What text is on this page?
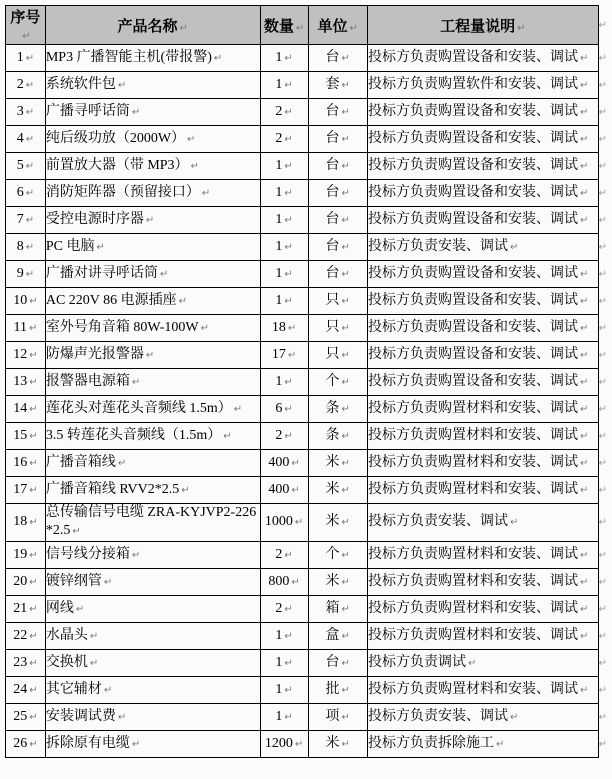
序号↵	产品名称 ↵	数量 ↵	单位 ↵	工程量说明 ↵	↵
1 ↵	MP3 广播智能主机(带报警) ↵	1 ↵	台 ↵	投标方负责购置设备和安装、调试 ↵	↵
2 ↵	系统软件包 ↵	1 ↵	套 ↵	投标方负责购置软件和安装、调试 ↵	↵
3 ↵	广播寻呼话筒 ↵	2 ↵	台 ↵	投标方负责购置设备和安装、调试 ↵	↵
4 ↵	纯后级功放（2000W） ↵	2 ↵	台 ↵	投标方负责购置设备和安装、调试 ↵	↵
5 ↵	前置放大器（带 MP3） ↵	1 ↵	台 ↵	投标方负责购置设备和安装、调试 ↵	↵
6 ↵	消防矩阵器（预留接口） ↵	1 ↵	台 ↵	投标方负责购置设备和安装、调试 ↵	↵
7 ↵	受控电源时序器 ↵	1 ↵	台 ↵	投标方负责购置设备和安装、调试 ↵	↵
8 ↵	PC 电脑 ↵	1 ↵	台 ↵	投标方负责安装、调试 ↵	↵
9 ↵	广播对讲寻呼话筒 ↵	1 ↵	台 ↵	投标方负责购置设备和安装、调试 ↵	↵
10 ↵	AC 220V 86 电源插座 ↵	1 ↵	只 ↵	投标方负责购置设备和安装、调试 ↵	↵
11 ↵	室外号角音箱 80W-100W ↵	18 ↵	只 ↵	投标方负责购置设备和安装、调试 ↵	↵
12 ↵	防爆声光报警器 ↵	17 ↵	只 ↵	投标方负责购置设备和安装、调试 ↵	↵
13 ↵	报警器电源箱 ↵	1 ↵	个 ↵	投标方负责购置设备和安装、调试 ↵	↵
14 ↵	莲花头对莲花头音频线 1.5m） ↵	6 ↵	条 ↵	投标方负责购置材料和安装、调试 ↵	↵
15 ↵	3.5 转莲花头音频线（1.5m） ↵	2 ↵	条 ↵	投标方负责购置材料和安装、调试 ↵	↵
16 ↵	广播音箱线 ↵	400 ↵	米 ↵	投标方负责购置材料和安装、调试 ↵	↵
17 ↵	广播音箱线 RVV2*2.5 ↵	400 ↵	米 ↵	投标方负责购置材料和安装、调试 ↵	↵
18 ↵	总传输信号电缆 ZRA-KYJVP2-226*2.5 ↵	1000 ↵	米 ↵	投标方负责安装、调试 ↵	↵
19 ↵	信号线分接箱 ↵	2 ↵	个 ↵	投标方负责购置材料和安装、调试 ↵	↵
20 ↵	镀锌纲管 ↵	800 ↵	米 ↵	投标方负责购置材料和安装、调试 ↵	↵
21 ↵	网线 ↵	2 ↵	箱 ↵	投标方负责购置材料和安装、调试 ↵	↵
22 ↵	水晶头 ↵	1 ↵	盒 ↵	投标方负责购置材料和安装、调试 ↵	↵
23 ↵	交换机 ↵	1 ↵	台 ↵	投标方负责调试 ↵	↵
24 ↵	其它辅材 ↵	1 ↵	批 ↵	投标方负责购置材料和安装、调试 ↵	↵
25 ↵	安装调试费 ↵	1 ↵	项 ↵	投标方负责安装、调试 ↵	↵
26 ↵	拆除原有电缆 ↵	1200 ↵	米 ↵	投标方负责拆除施工 ↵	↵
